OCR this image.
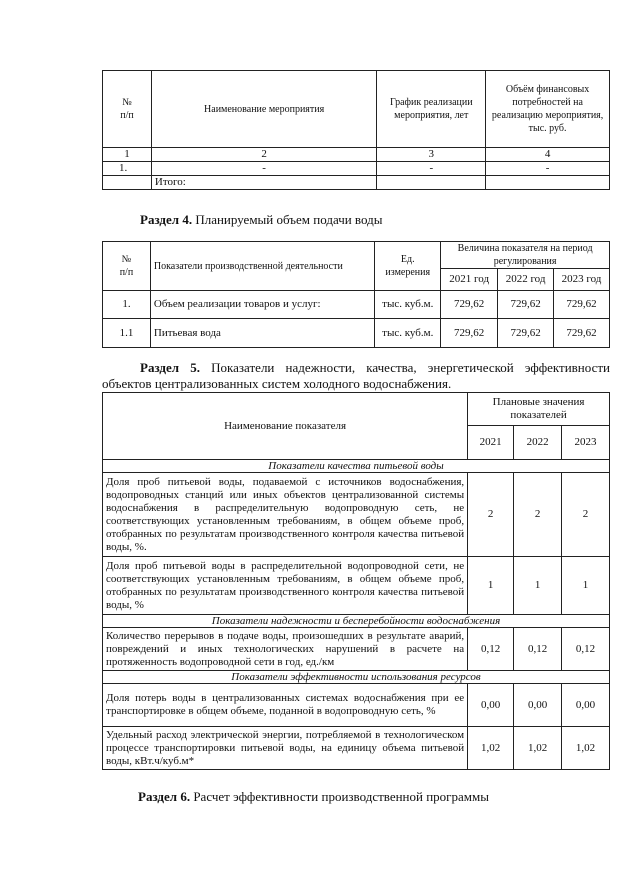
№
п/п	Наименование мероприятия	График реализации мероприятия, лет	Объём финансовых потребностей на реализацию мероприятия, тыс. руб.
1	2	3	4
1.	-	-	-
	Итого:		
Раздел 4. Планируемый объем подачи воды
№
п/п	Показатели производственной деятельности	Ед. измерения	Величина показателя на период регулирования		
			2021 год	2022 год	2023 год
1.	Объем реализации товаров и услуг:	тыс. куб.м.	729,62	729,62	729,62
1.1	Питьевая вода	тыс. куб.м.	729,62	729,62	729,62
Раздел 5. Показатели надежности, качества, энергетической эффективности
объектов централизованных систем холодного водоснабжения.
Наименование показателя	Плановые значения показателей		
	2021	2022	2023
Показатели качества питьевой воды			
Доля проб питьевой воды, подаваемой с источников водоснабжения, водопроводных станций или иных объектов централизованной системы водоснабжения в распределительную водопроводную сеть, не соответствующих установленным требованиям, в общем объеме проб, отобранных по результатам производственного контроля качества питьевой воды, %.	2	2	2
Доля проб питьевой воды в распределительной водопроводной сети, не соответствующих установленным требованиям, в общем объеме проб, отобранных по результатам производственного контроля качества питьевой воды, %	1	1	1
Показатели надежности и бесперебойности водоснабжения			
Количество перерывов в подаче воды, произошедших в результате аварий, повреждений и иных технологических нарушений в расчете на протяженность водопроводной сети в год, ед./км	0,12	0,12	0,12
Показатели эффективности использования ресурсов			
Доля потерь воды в централизованных системах водоснабжения при ее транспортировке в общем объеме, поданной в водопроводную сеть, %	0,00	0,00	0,00
Удельный расход электрической энергии, потребляемой в технологическом процессе транспортировки питьевой воды, на единицу объема питьевой воды, кВт.ч/куб.м*	1,02	1,02	1,02
Раздел 6. Расчет эффективности производственной программы
